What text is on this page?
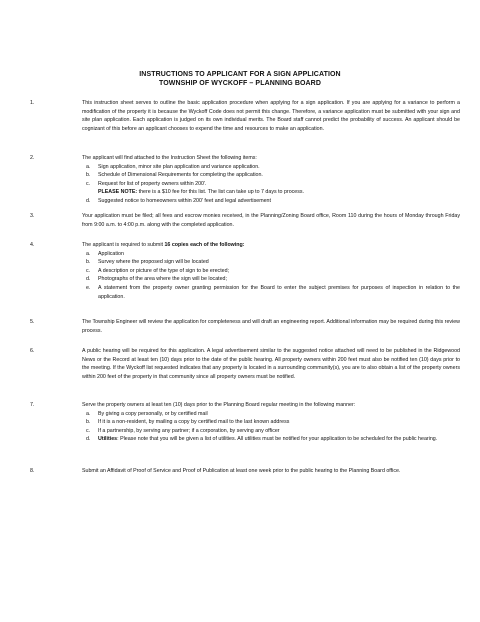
INSTRUCTIONS TO APPLICANT FOR A SIGN APPLICATION
TOWNSHIP OF WYCKOFF – PLANNING BOARD
1.	This instruction sheet serves to outline the basic application procedure when applying for a sign application. If you are applying for a variance to perform a modification of the property it is because the Wyckoff Code does not permit this change. Therefore, a variance application must be submitted with your sign and site plan application. Each application is judged on its own individual merits. The Board staff cannot predict the probability of success. An applicant should be cognizant of this before an applicant chooses to expend the time and resources to make an application.
2.	The applicant will find attached to the Instruction Sheet the following items:
a. Sign application, minor site plan application and variance application.
b. Schedule of Dimensional Requirements for completing the application.
c. Request for list of property owners within 200'.
PLEASE NOTE: there is a $10 fee for this list. The list can take up to 7 days to process.
d. Suggested notice to homeowners within 200' feet and legal advertisement
3.	Your application must be filed; all fees and escrow monies received, in the Planning/Zoning Board office, Room 110 during the hours of Monday through Friday from 9:00 a.m. to 4:00 p.m. along with the completed application.
4.	The applicant is required to submit 16 copies each of the following:
a. Application
b. Survey where the proposed sign will be located
c. A description or picture of the type of sign to be erected;
d. Photographs of the area where the sign will be located;
e. A statement from the property owner granting permission for the Board to enter the subject premises for purposes of inspection in relation to the application.
5.	The Township Engineer will review the application for completeness and will draft an engineering report. Additional information may be required during this review process.
6.	A public hearing will be required for this application. A legal advertisement similar to the suggested notice attached will need to be published in the Ridgewood News or the Record at least ten (10) days prior to the date of the public hearing. All property owners within 200 feet must also be notified ten (10) days prior to the meeting. If the Wyckoff list requested indicates that any property is located in a surrounding community(s), you are to also obtain a list of the property owners within 200 feet of the property in that community since all property owners must be notified.
7.	Serve the property owners at least ten (10) days prior to the Planning Board regular meeting in the following manner:
a. By giving a copy personally, or by certified mail
b. If it is a non-resident, by mailing a copy by certified mail to the last known address
c. If a partnership, by serving any partner; if a corporation, by serving any officer
d. Utilities: Please note that you will be given a list of utilities. All utilities must be notified for your application to be scheduled for the public hearing.
8.	Submit an Affidavit of Proof of Service and Proof of Publication at least one week prior to the public hearing to the Planning Board office.
